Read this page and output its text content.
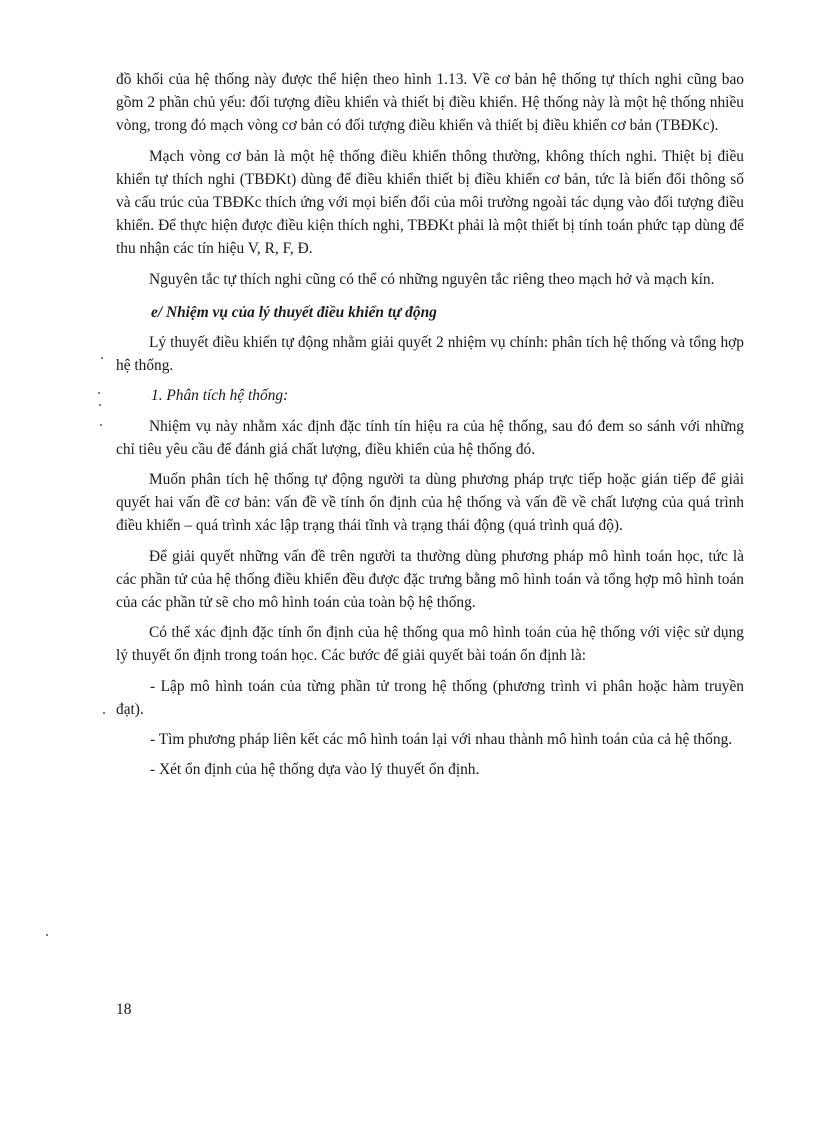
đồ khối của hệ thống này được thể hiện theo hình 1.13. Về cơ bản hệ thống tự thích nghi cũng bao gồm 2 phần chủ yếu: đối tượng điều khiển và thiết bị điều khiển. Hệ thống này là một hệ thống nhiều vòng, trong đó mạch vòng cơ bản có đối tượng điều khiển và thiết bị điều khiển cơ bản (TBĐKc).

Mạch vòng cơ bản là một hệ thống điều khiển thông thường, không thích nghi. Thiệt bị điều khiển tự thích nghi (TBĐKt) dùng để điều khiển thiết bị điều khiển cơ bản, tức là biến đổi thông số và cấu trúc của TBĐKc thích ứng với mọi biến đổi của môi trường ngoài tác dụng vào đối tượng điều khiển. Để thực hiện được điều kiện thích nghi, TBĐKt phải là một thiết bị tính toán phức tạp dùng để thu nhận các tín hiệu V, R, F, Đ.

Nguyên tắc tự thích nghi cũng có thể có những nguyên tắc riêng theo mạch hở và mạch kín.

e/ Nhiệm vụ của lý thuyết điều khiển tự động

Lý thuyết điều khiển tự động nhằm giải quyết 2 nhiệm vụ chính: phân tích hệ thống và tổng hợp hệ thống.

1. Phân tích hệ thống:

Nhiệm vụ này nhằm xác định đặc tính tín hiệu ra của hệ thống, sau đó đem so sánh với những chỉ tiêu yêu cầu để đánh giá chất lượng, điều khiển của hệ thống đó.

Muốn phân tích hệ thống tự động người ta dùng phương pháp trực tiếp hoặc gián tiếp để giải quyết hai vấn đề cơ bản: vấn đề về tính ổn định của hệ thống và vấn đề về chất lượng của quá trình điều khiển – quá trình xác lập trạng thái tĩnh và trạng thái động (quá trình quá độ).

Để giải quyết những vấn đề trên người ta thường dùng phương pháp mô hình toán học, tức là các phần tử của hệ thống điều khiển đều được đặc trưng bằng mô hình toán và tổng hợp mô hình toán của các phần tử sẽ cho mô hình toán của toàn bộ hệ thống.

Có thể xác định đặc tính ổn định của hệ thống qua mô hình toán của hệ thống với việc sử dụng lý thuyết ổn định trong toán học. Các bước để giải quyết bài toán ổn định là:

- Lập mô hình toán của từng phần tử trong hệ thống (phương trình vi phân hoặc hàm truyền đạt).

- Tìm phương pháp liên kết các mô hình toán lại với nhau thành mô hình toán của cả hệ thống.

- Xét ổn định của hệ thống dựa vào lý thuyết ổn định.

18
